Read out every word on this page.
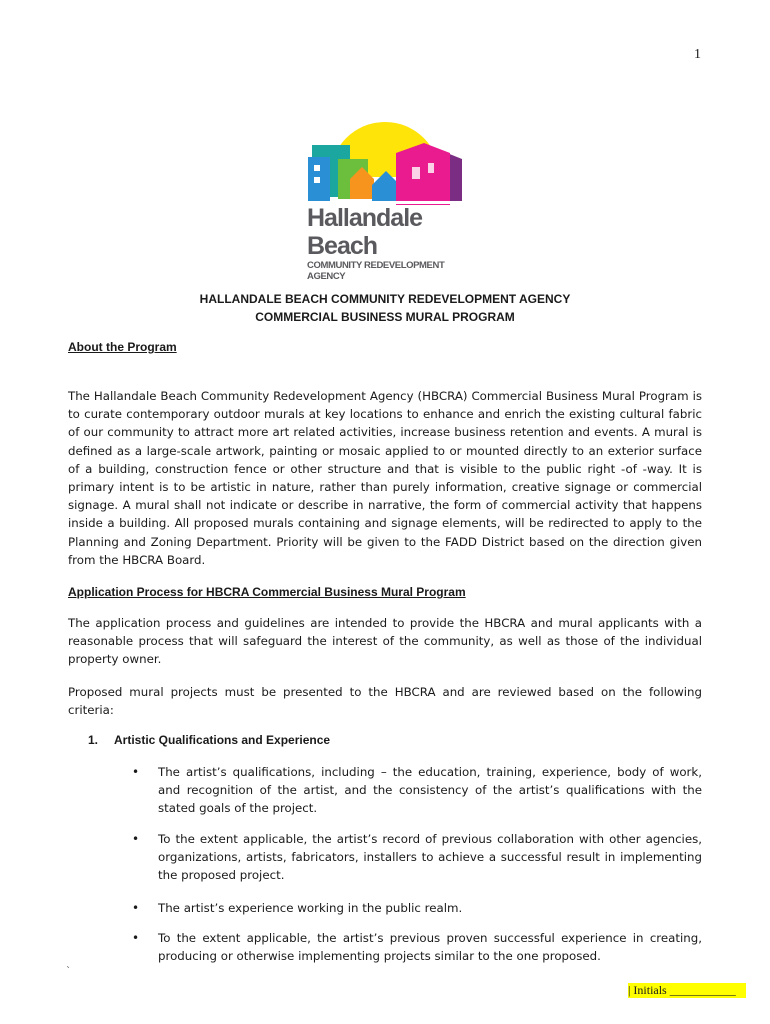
1
Hallandale Beach
COMMUNITY REDEVELOPMENT AGENCY
HALLANDALE BEACH COMMUNITY REDEVELOPMENT AGENCY
COMMERCIAL BUSINESS MURAL PROGRAM
About the Program

The Hallandale Beach Community Redevelopment Agency (HBCRA) Commercial Business Mural Program is to curate contemporary outdoor murals at key locations to enhance and enrich the existing cultural fabric of our community to attract more art related activities, increase business retention and events. A mural is defined as a large-scale artwork, painting or mosaic applied to or mounted directly to an exterior surface of a building, construction fence or other structure and that is visible to the public right -of -way. It is primary intent is to be artistic in nature, rather than purely information, creative signage or commercial signage. A mural shall not indicate or describe in narrative, the form of commercial activity that happens inside a building. All proposed murals containing and signage elements, will be redirected to apply to the Planning and Zoning Department. Priority will be given to the FADD District based on the direction given from the HBCRA Board.

Application Process for HBCRA Commercial Business Mural Program

The application process and guidelines are intended to provide the HBCRA and mural applicants with a reasonable process that will safeguard the interest of the community, as well as those of the individual property owner.

Proposed mural projects must be presented to the HBCRA and are reviewed based on the following criteria:

1. Artistic Qualifications and Experience
• The artist’s qualifications, including – the education, training, experience, body of work, and recognition of the artist, and the consistency of the artist’s qualifications with the stated goals of the project.

• To the extent applicable, the artist’s record of previous collaboration with other agencies, organizations, artists, fabricators, installers to achieve a successful result in implementing the proposed project.

• The artist’s experience working in the public realm.

• To the extent applicable, the artist’s previous proven successful experience in creating, producing or otherwise implementing projects similar to the one proposed.

`
| Initials ___________
